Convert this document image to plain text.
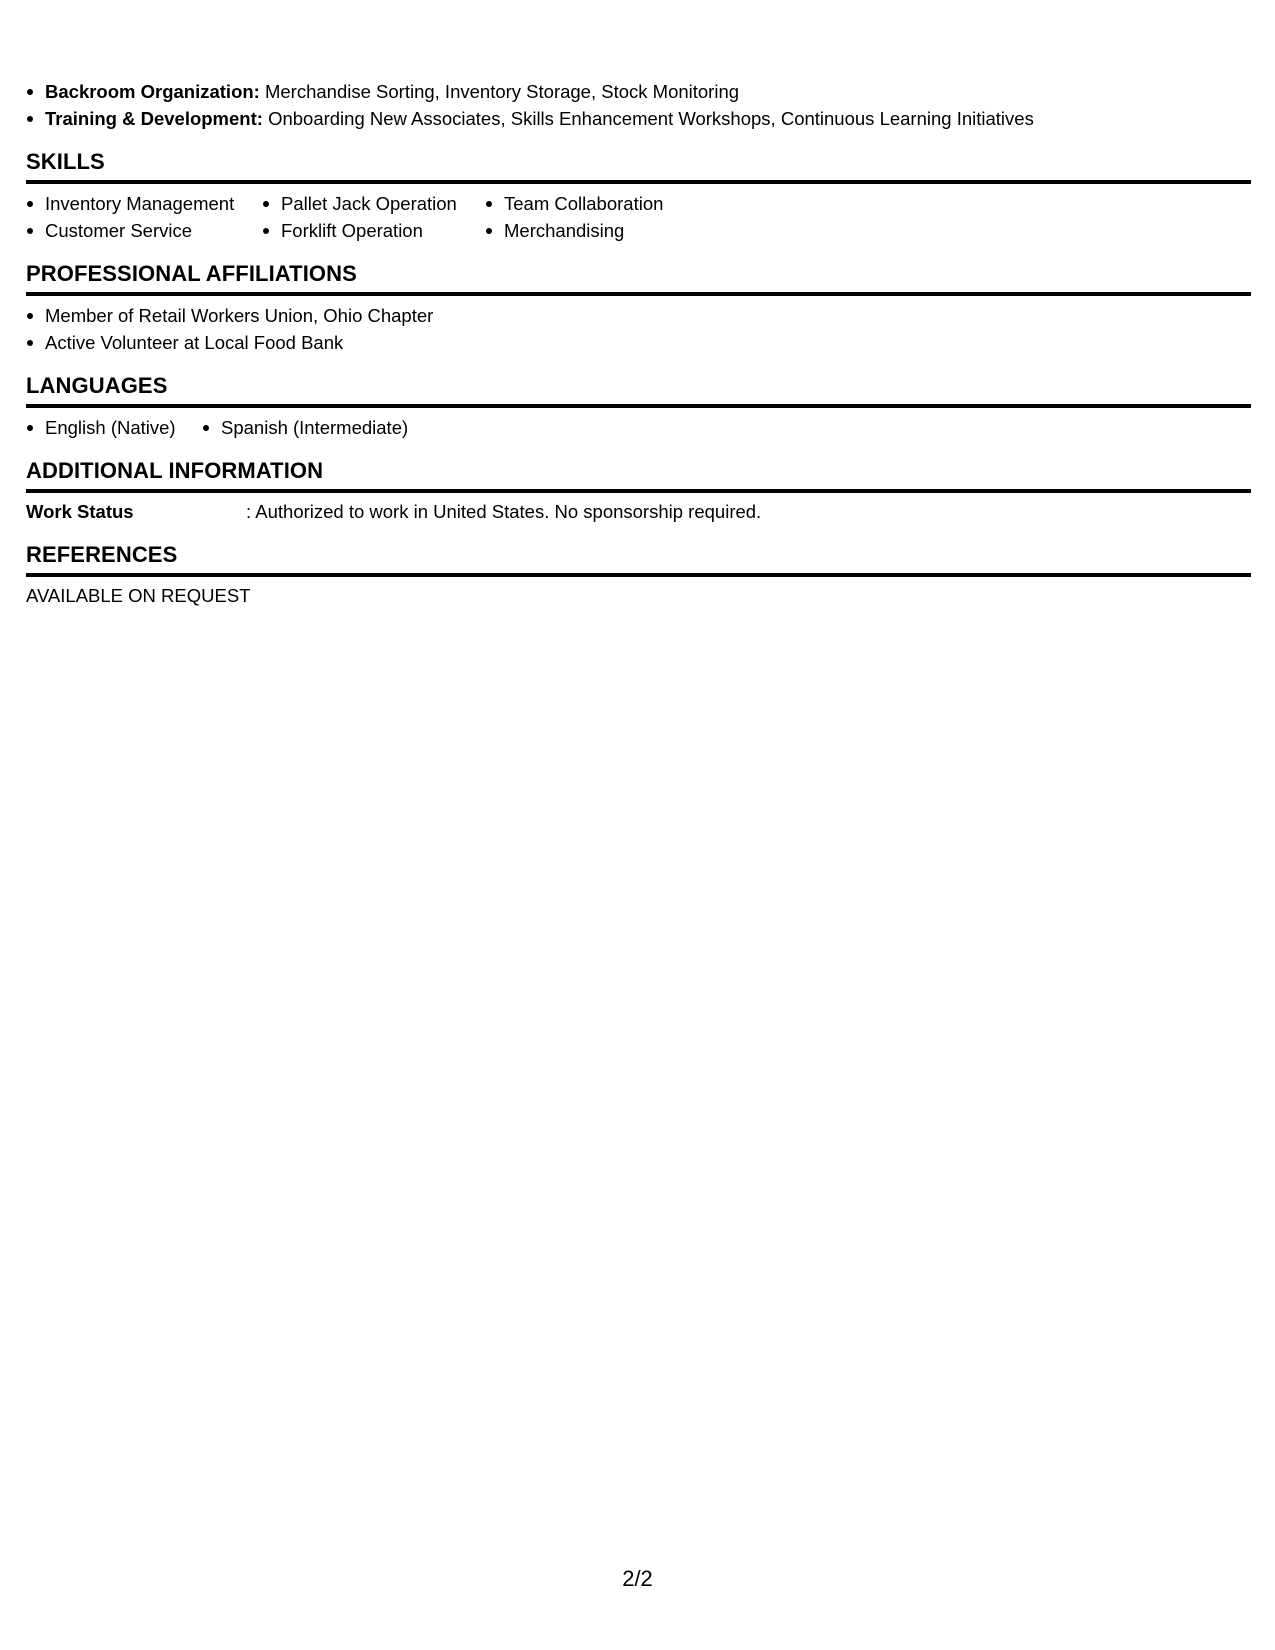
Backroom Organization: Merchandise Sorting, Inventory Storage, Stock Monitoring
Training & Development: Onboarding New Associates, Skills Enhancement Workshops, Continuous Learning Initiatives
SKILLS
Inventory Management
Customer Service
Pallet Jack Operation
Forklift Operation
Team Collaboration
Merchandising
PROFESSIONAL AFFILIATIONS
Member of Retail Workers Union, Ohio Chapter
Active Volunteer at Local Food Bank
LANGUAGES
English (Native)	Spanish (Intermediate)
ADDITIONAL INFORMATION
Work Status	: Authorized to work in United States. No sponsorship required.
REFERENCES
AVAILABLE ON REQUEST
2/2
